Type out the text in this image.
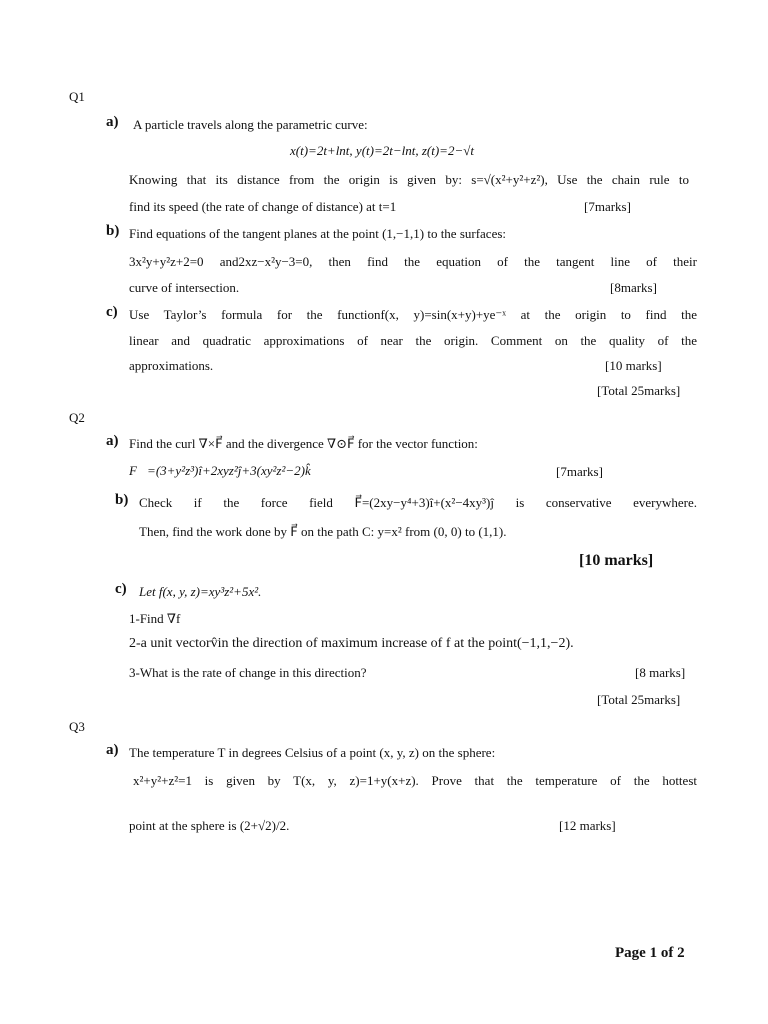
Q1
a) A particle travels along the parametric curve:
x(t)=2t+lnt, y(t)=2t−lnt, z(t)=2−√t
Knowing that its distance from the origin is given by: s=√(x²+y²+z²), Use the chain rule to
find its speed (the rate of change of distance) at t=1	[7marks]
b) Find equations of the tangent planes at the point (1,−1,1) to the surfaces:
3x²y+y²z+2=0 and2xz−x²y−3=0, then find the equation of the tangent line of their
curve of intersection.	[8marks]
c) Use Taylor’s formula for the functionf(x, y)=sin(x+y)+ye⁻ˣ at the origin to find the
linear and quadratic approximations of near the origin. Comment on the quality of the
approximations.	[10 marks]
[Total 25marks]
Q2
a) Find the curl ∇×F⃗ and the divergence ∇⊙F⃗ for the vector function:
F⃗=(3+y²z³)î+2xyz²ĵ+3(xy²z²−2)k̂	[7marks]
b) Check if the force field F⃗=(2xy−y⁴+3)î+(x²−4xy³)ĵ is conservative everywhere.
Then, find the work done by F⃗ on the path C: y=x² from (0, 0) to (1,1).
[10 marks]
c) Let f(x, y, z)=xy³z²+5x².
1-Find ∇f
2-a unit vectorv̂in the direction of maximum increase of f at the point(−1,1,−2).
3-What is the rate of change in this direction?	[8 marks]
[Total 25marks]
Q3
a) The temperature T in degrees Celsius of a point (x, y, z) on the sphere:
x²+y²+z²=1 is given by T(x, y, z)=1+y(x+z). Prove that the temperature of the hottest
point at the sphere is (2+√2)/2.	[12 marks]
Page 1 of 2
